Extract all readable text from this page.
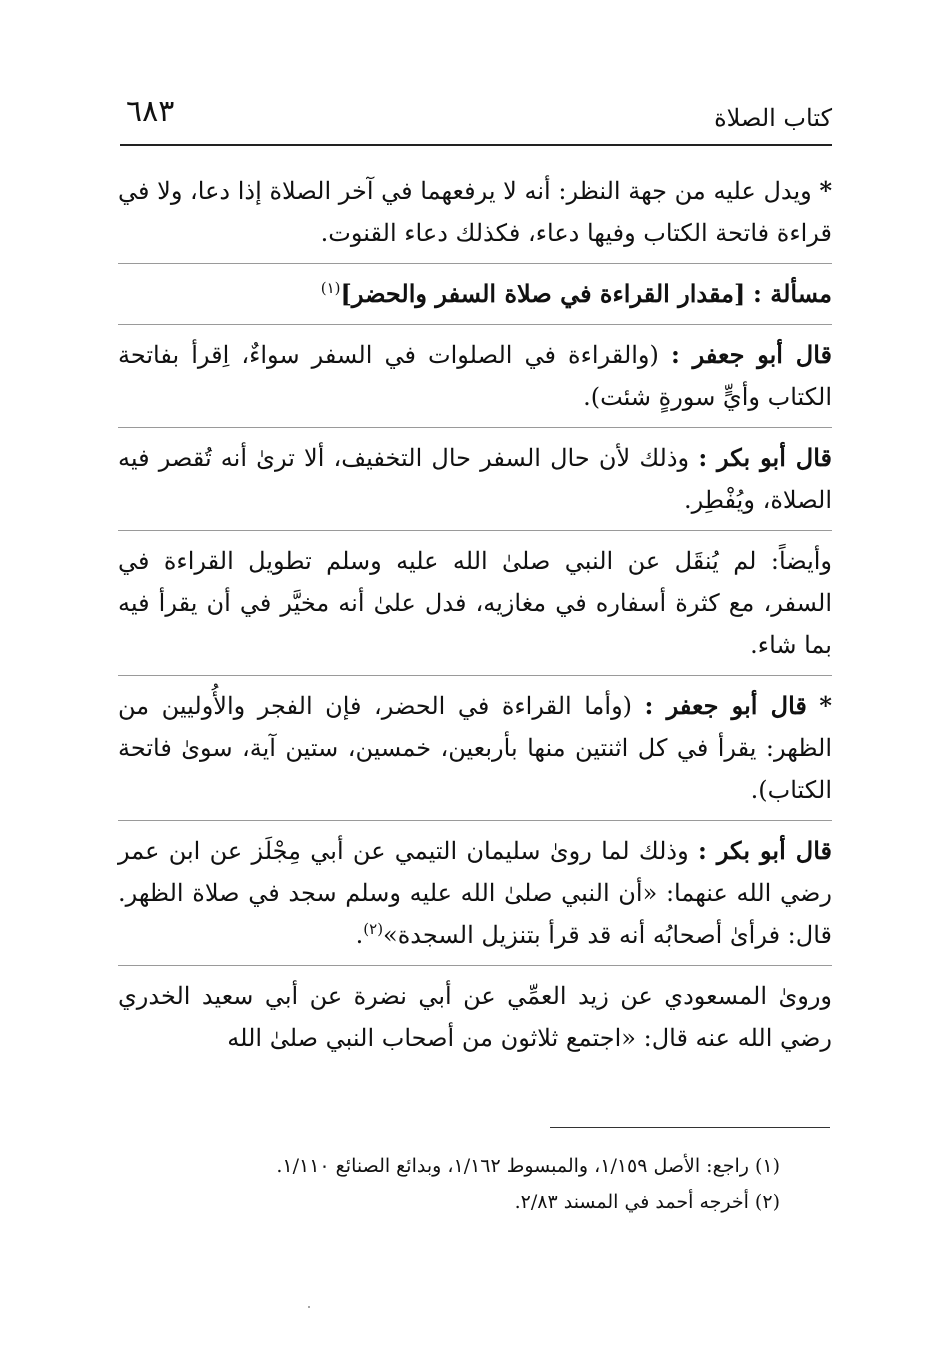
كتاب الصلاة
٦٨٣

* ويدل عليه من جهة النظر: أنه لا يرفعهما في آخر الصلاة إذا دعا، ولا في قراءة فاتحة الكتاب وفيها دعاء، فكذلك دعاء القنوت.

مسألة : [مقدار القراءة في صلاة السفر والحضر]$^{(١)}$

قال أبو جعفر : (والقراءة في الصلوات في السفر سواءٌ، اِقرأ بفاتحة الكتاب وأيٍّ سورةٍ شئت).

قال أبو بكر : وذلك لأن حال السفر حال التخفيف، ألا ترىٰ أنه تُقصر فيه الصلاة، ويُفْطِر.

وأيضاً: لم يُنقَل عن النبي صلىٰ الله عليه وسلم تطويل القراءة في السفر، مع كثرة أسفاره في مغازيه، فدل علىٰ أنه مخيَّر في أن يقرأ فيه بما شاء.

* قال أبو جعفر : (وأما القراءة في الحضر، فإن الفجر والأُوليين من الظهر: يقرأ في كل اثنتين منها بأربعين، خمسين، ستين آية، سوىٰ فاتحة الكتاب).

قال أبو بكر : وذلك لما روىٰ سليمان التيمي عن أبي مِجْلَز عن ابن عمر رضي الله عنهما: «أن النبي صلىٰ الله عليه وسلم سجد في صلاة الظهر. قال: فرأىٰ أصحابُه أنه قد قرأ بتنزيل السجدة»$^{(٢)}$.

وروىٰ المسعودي عن زيد العمِّي عن أبي نضرة عن أبي سعيد الخدري رضي الله عنه قال: «اجتمع ثلاثون من أصحاب النبي صلىٰ الله

(١) راجع: الأصل ١/١٥٩، والمبسوط ١/١٦٢، وبدائع الصنائع ١/١١٠.

(٢) أخرجه أحمد في المسند ٢/٨٣.
